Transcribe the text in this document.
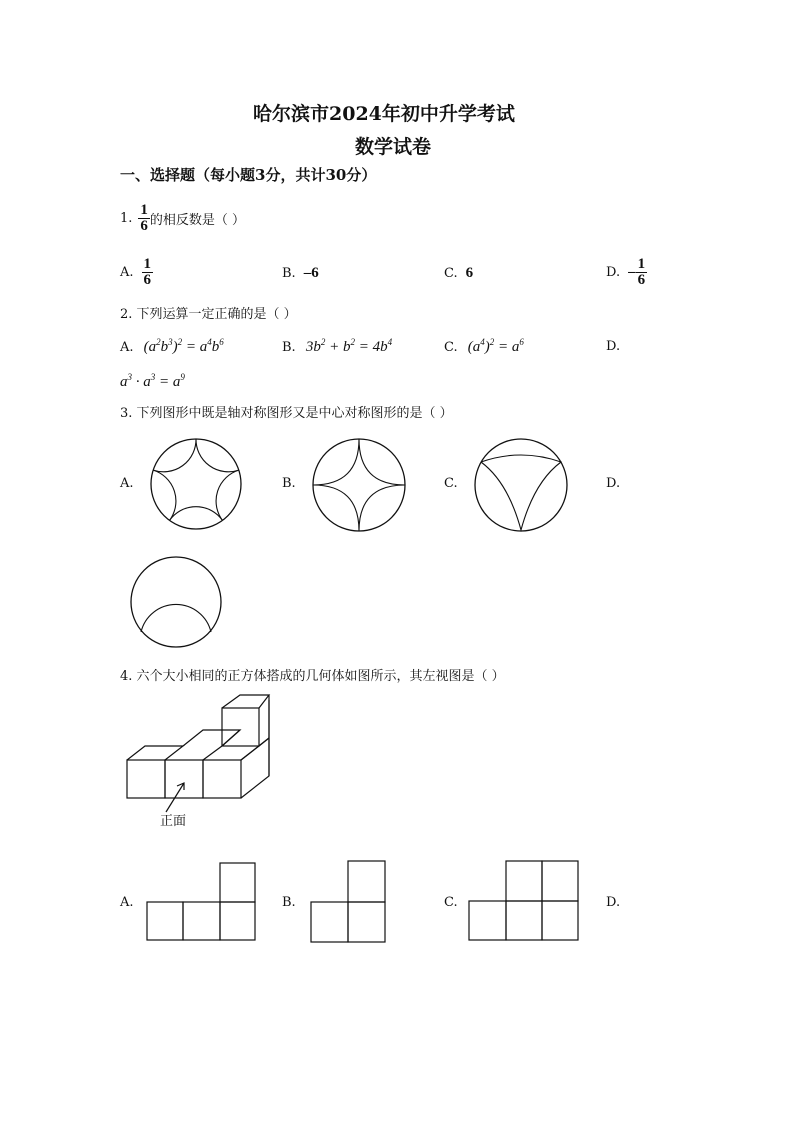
哈尔滨市2024年初中升学考试
数学试卷
一、选择题（每小题3分，共计30分）
1. $\frac{1}{6}$ 的相反数是（ ）
A. $\frac{1}{6}$	B. –6	C. 6	D. – $\frac{1}{6}$
2. 下列运算一定正确的是（ ）
A. $(a^2b^3)^2 = a^4b^6$	B. $3b^2 + b^2 = 4b^4$	C. $(a^4)^2 = a^6$	D.
$a^3 \cdot a^3 = a^9$
3. 下列图形中既是轴对称图形又是中心对称图形的是（ ）
A.	B.	C.	D.
4. 六个大小相同的正方体搭成的几何体如图所示，其左视图是（ ）
正面
A.	B.	C.	D.
